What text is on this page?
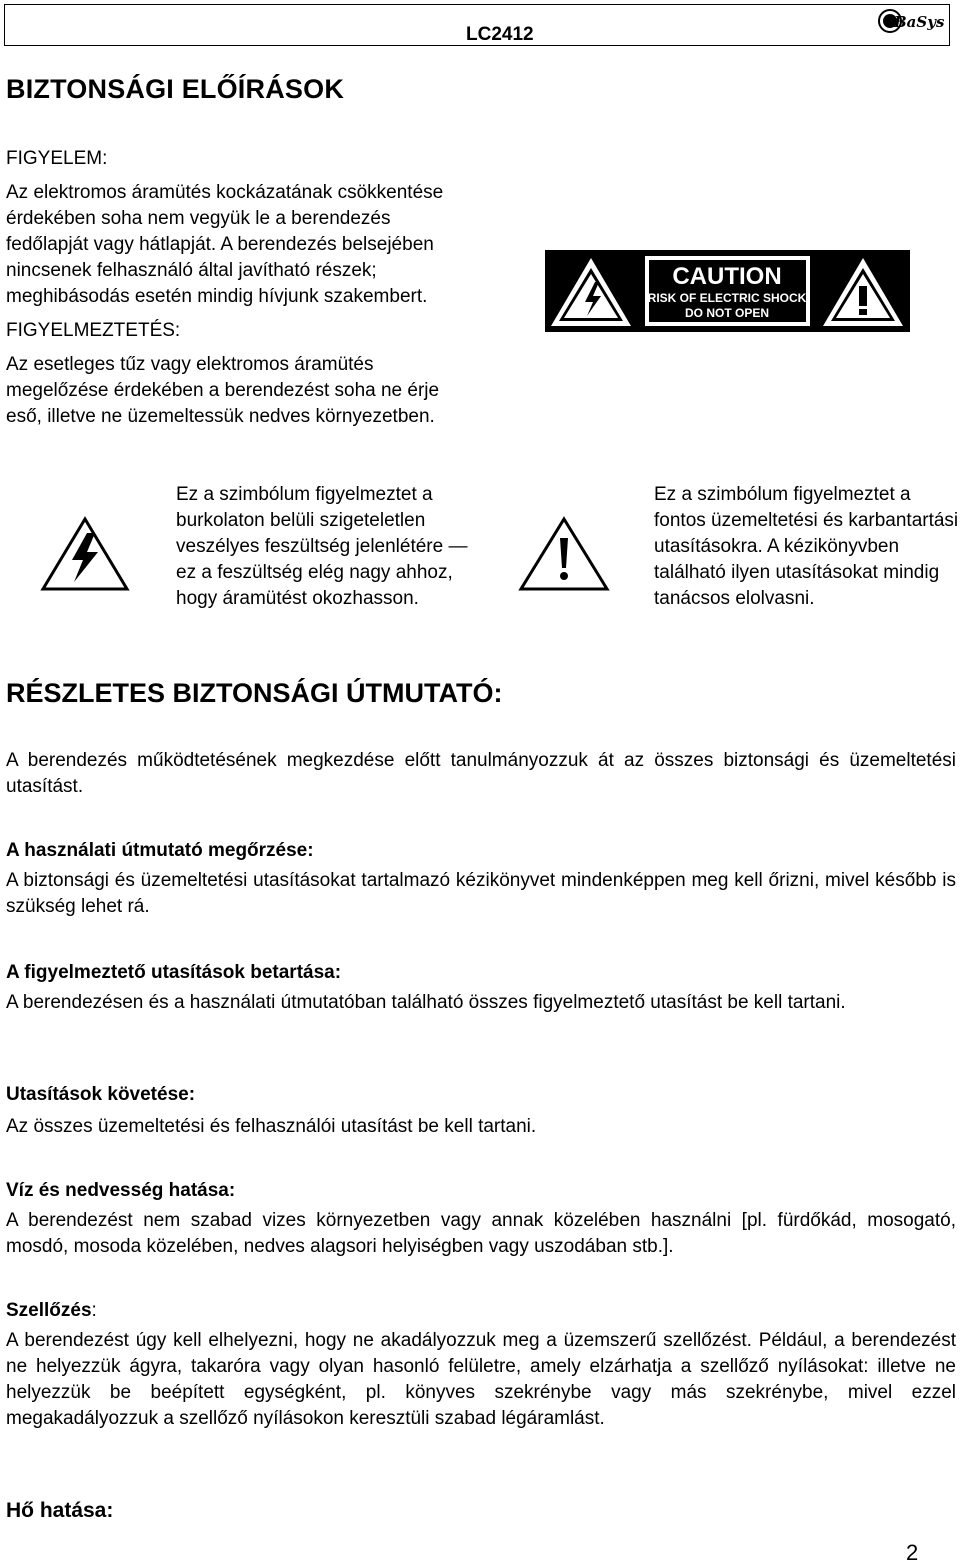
LC2412
BaSys
BIZTONSÁGI ELŐÍRÁSOK

FIGYELEM:

Az elektromos áramütés kockázatának csökkentése érdekében soha nem vegyük le a berendezés fedőlapját vagy hátlapját. A berendezés belsejében nincsenek felhasználó által javítható részek; meghibásodás esetén mindig hívjunk szakembert.

FIGYELMEZTETÉS:

Az esetleges tűz vagy elektromos áramütés megelőzése érdekében a berendezést soha ne érje eső, illetve ne üzemeltessük nedves környezetben.

CAUTION
RISK OF ELECTRIC SHOCK
DO NOT OPEN
Ez a szimbólum figyelmeztet a burkolaton belüli szigeteletlen veszélyes feszültség jelenlétére — ez a feszültség elég nagy ahhoz, hogy áramütést okozhasson.
Ez a szimbólum figyelmeztet a fontos üzemeltetési és karbantartási utasításokra. A kézikönyvben található ilyen utasításokat mindig tanácsos elolvasni.
RÉSZLETES BIZTONSÁGI ÚTMUTATÓ:
A berendezés működtetésének megkezdése előtt tanulmányozzuk át az összes biztonsági és üzemeltetési utasítást.

A használati útmutató megőrzése:

A biztonsági és üzemeltetési utasításokat tartalmazó kézikönyvet mindenképpen meg kell őrizni, mivel később is szükség lehet rá.

A figyelmeztető utasítások betartása:

A berendezésen és a használati útmutatóban található összes figyelmeztető utasítást be kell tartani.

Utasítások követése:

Az összes üzemeltetési és felhasználói utasítást be kell tartani.

Víz és nedvesség hatása:

A berendezést nem szabad vizes környezetben vagy annak közelében használni [pl. fürdőkád, mosogató, mosdó, mosoda közelében, nedves alagsori helyiségben vagy uszodában stb.].

Szellőzés:

A berendezést úgy kell elhelyezni, hogy ne akadályozzuk meg a üzemszerű szellőzést. Például, a berendezést ne helyezzük ágyra, takaróra vagy olyan hasonló felületre, amely elzárhatja a szellőző nyílásokat: illetve ne helyezzük be beépített egységként, pl. könyves szekrénybe vagy más szekrénybe, mivel ezzel megakadályozzuk a szellőző nyílásokon keresztüli szabad légáramlást.

Hő hatása:

2
